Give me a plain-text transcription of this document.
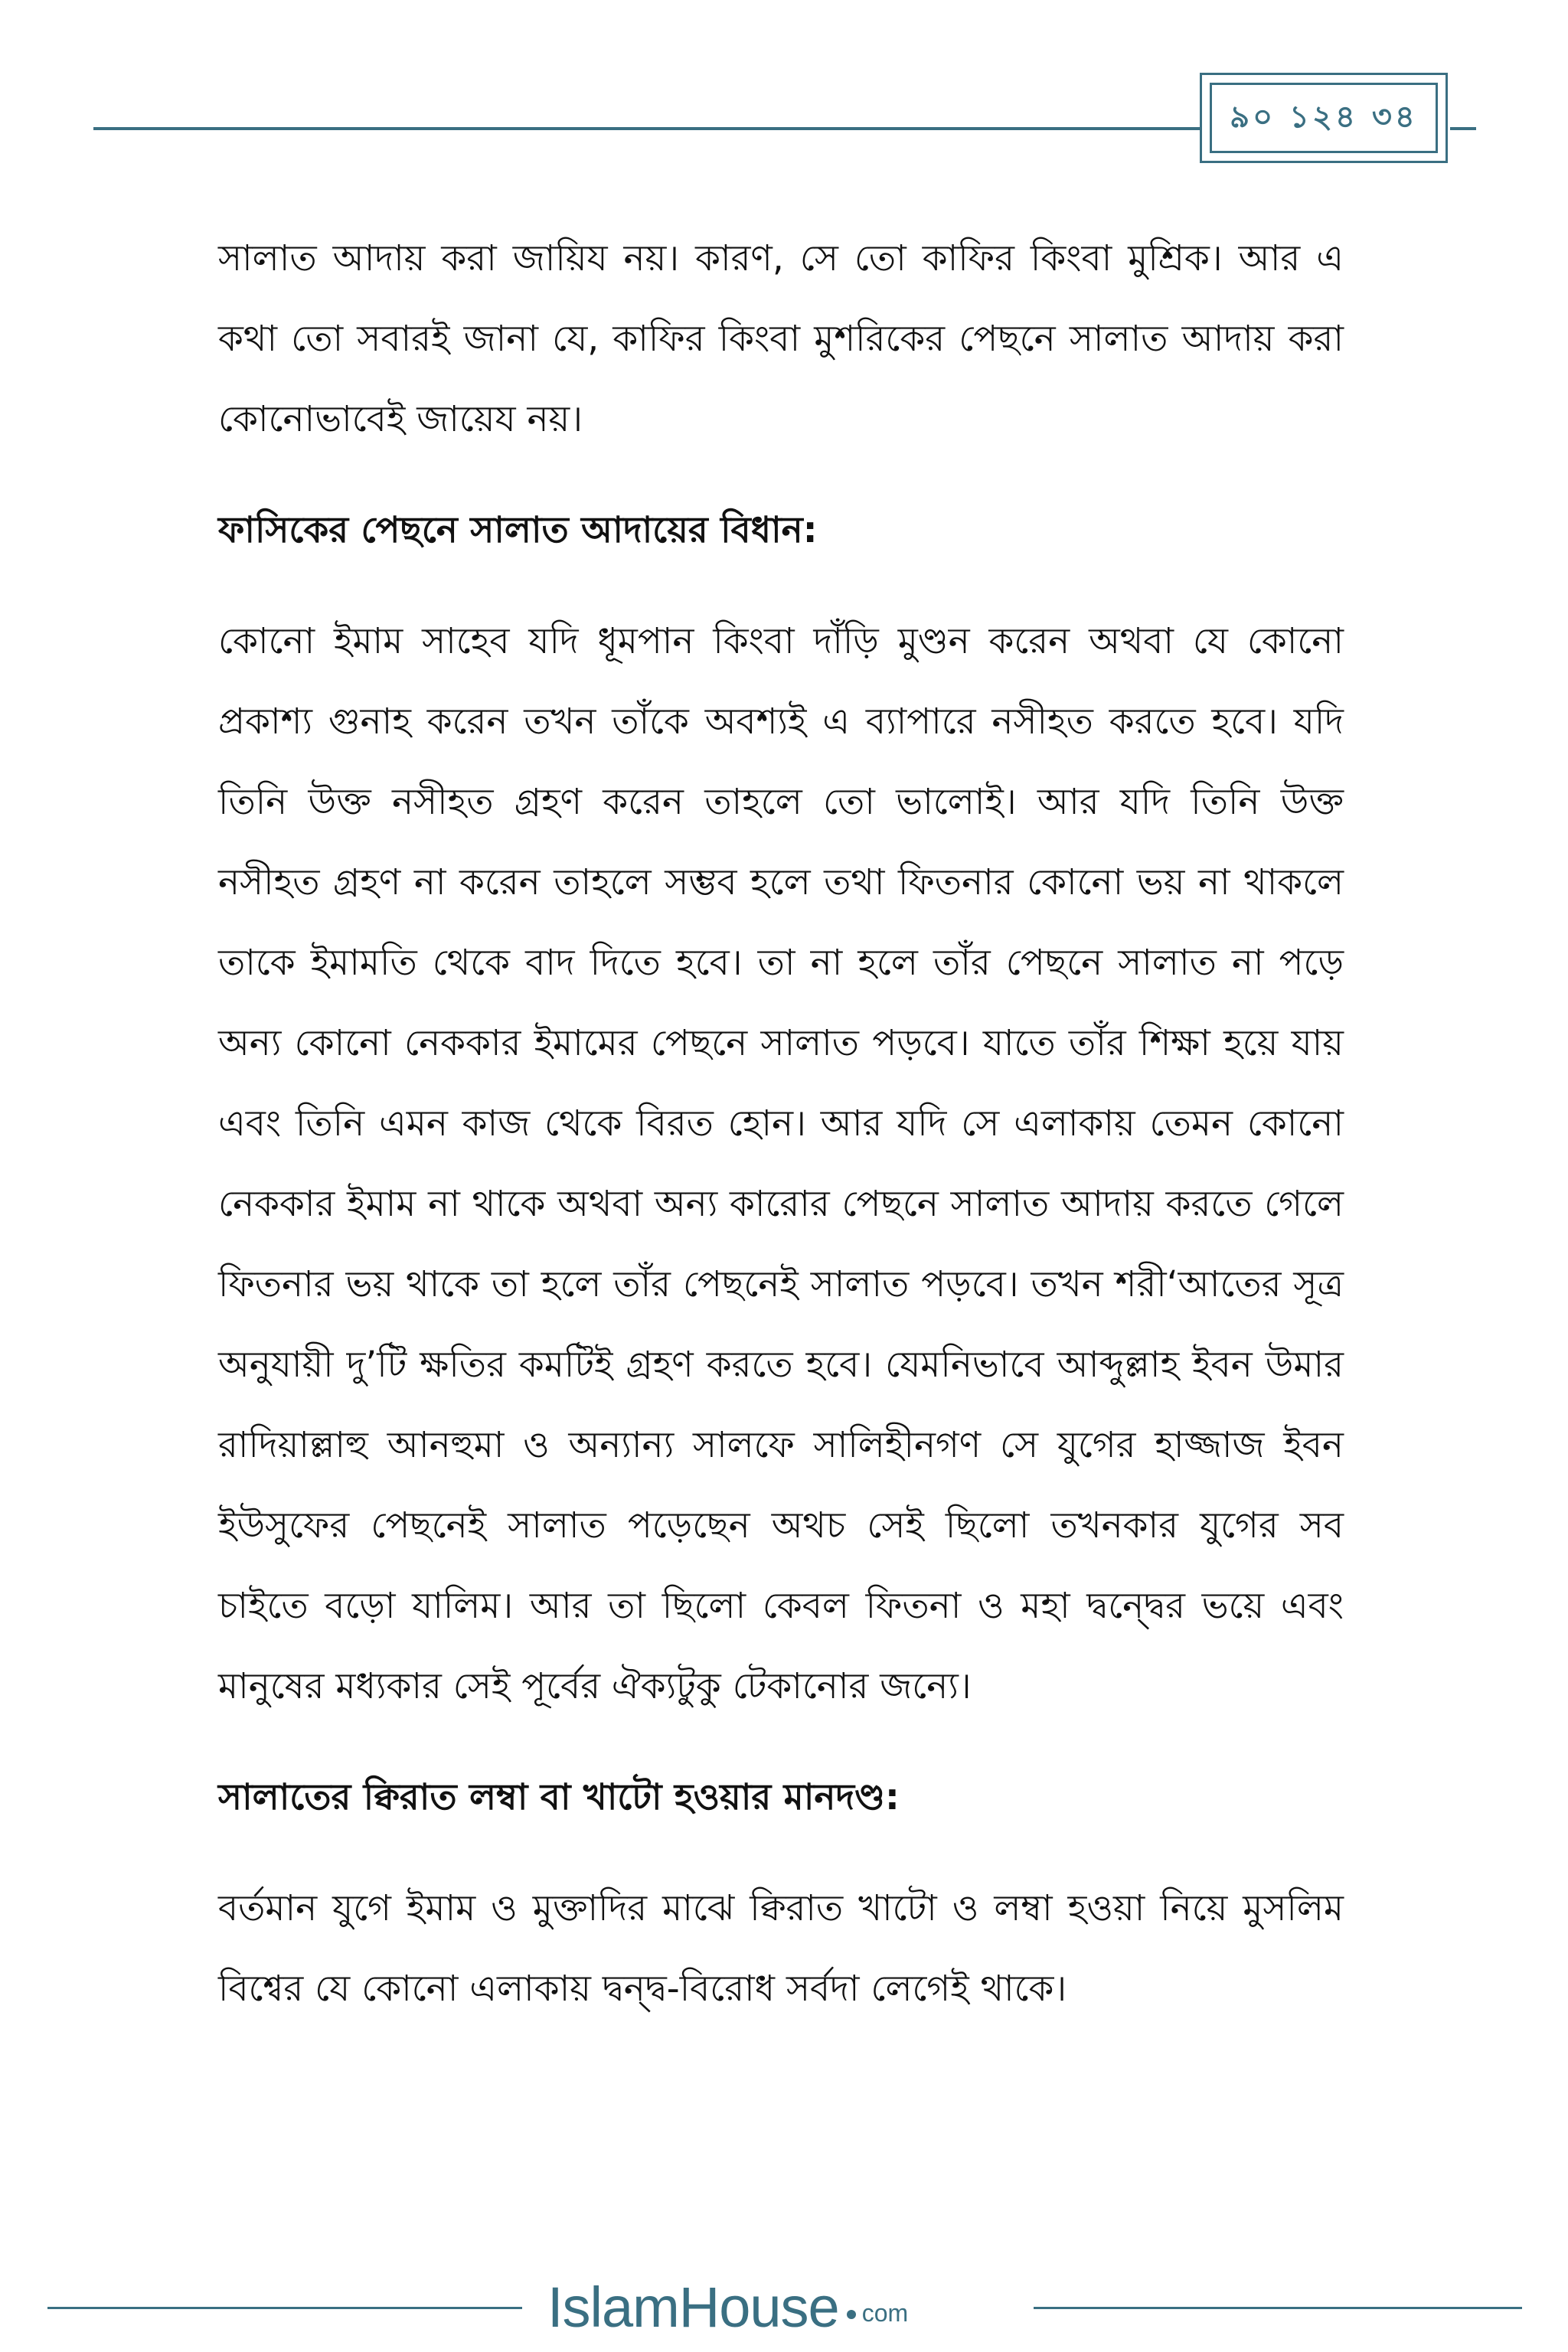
৯০ ১২৪ ৩৪

সালাত আদায় করা জায়িয নয়। কারণ, সে তো কাফির কিংবা মুশ্রিক। আর এ কথা তো সবারই জানা যে, কাফির কিংবা মুশরিকের পেছনে সালাত আদায় করা কোনোভাবেই জায়েয নয়।

ফাসিকের পেছনে সালাত আদায়ের বিধান:

কোনো ইমাম সাহেব যদি ধূমপান কিংবা দাঁড়ি মুণ্ডন করেন অথবা যে কোনো প্রকাশ্য গুনাহ করেন তখন তাঁকে অবশ্যই এ ব্যাপারে নসীহত করতে হবে। যদি তিনি উক্ত নসীহত গ্রহণ করেন তাহলে তো ভালোই। আর যদি তিনি উক্ত নসীহত গ্রহণ না করেন তাহলে সম্ভব হলে তথা ফিতনার কোনো ভয় না থাকলে তাকে ইমামতি থেকে বাদ দিতে হবে। তা না হলে তাঁর পেছনে সালাত না পড়ে অন্য কোনো নেককার ইমামের পেছনে সালাত পড়বে। যাতে তাঁর শিক্ষা হয়ে যায় এবং তিনি এমন কাজ থেকে বিরত হোন। আর যদি সে এলাকায় তেমন কোনো নেককার ইমাম না থাকে অথবা অন্য কারোর পেছনে সালাত আদায় করতে গেলে ফিতনার ভয় থাকে তা হলে তাঁর পেছনেই সালাত পড়বে। তখন শরী‘আতের সূত্র অনুযায়ী দু’টি ক্ষতির কমটিই গ্রহণ করতে হবে। যেমনিভাবে আব্দুল্লাহ ইবন উমার রাদিয়াল্লাহু আনহুমা ও অন্যান্য সালফে সালিহীনগণ সে যুগের হাজ্জাজ ইবন ইউসুফের পেছনেই সালাত পড়েছেন অথচ সেই ছিলো তখনকার যুগের সব চাইতে বড়ো যালিম। আর তা ছিলো কেবল ফিতনা ও মহা দ্বন্দ্বের ভয়ে এবং মানুষের মধ্যকার সেই পূর্বের ঐক্যটুকু টেকানোর জন্যে।

সালাতের ক্বিরাত লম্বা বা খাটো হওয়ার মানদণ্ড:

বর্তমান যুগে ইমাম ও মুক্তাদির মাঝে ক্বিরাত খাটো ও লম্বা হওয়া নিয়ে মুসলিম বিশ্বের যে কোনো এলাকায় দ্বন্দ্ব-বিরোধ সর্বদা লেগেই থাকে।

IslamHouse com
